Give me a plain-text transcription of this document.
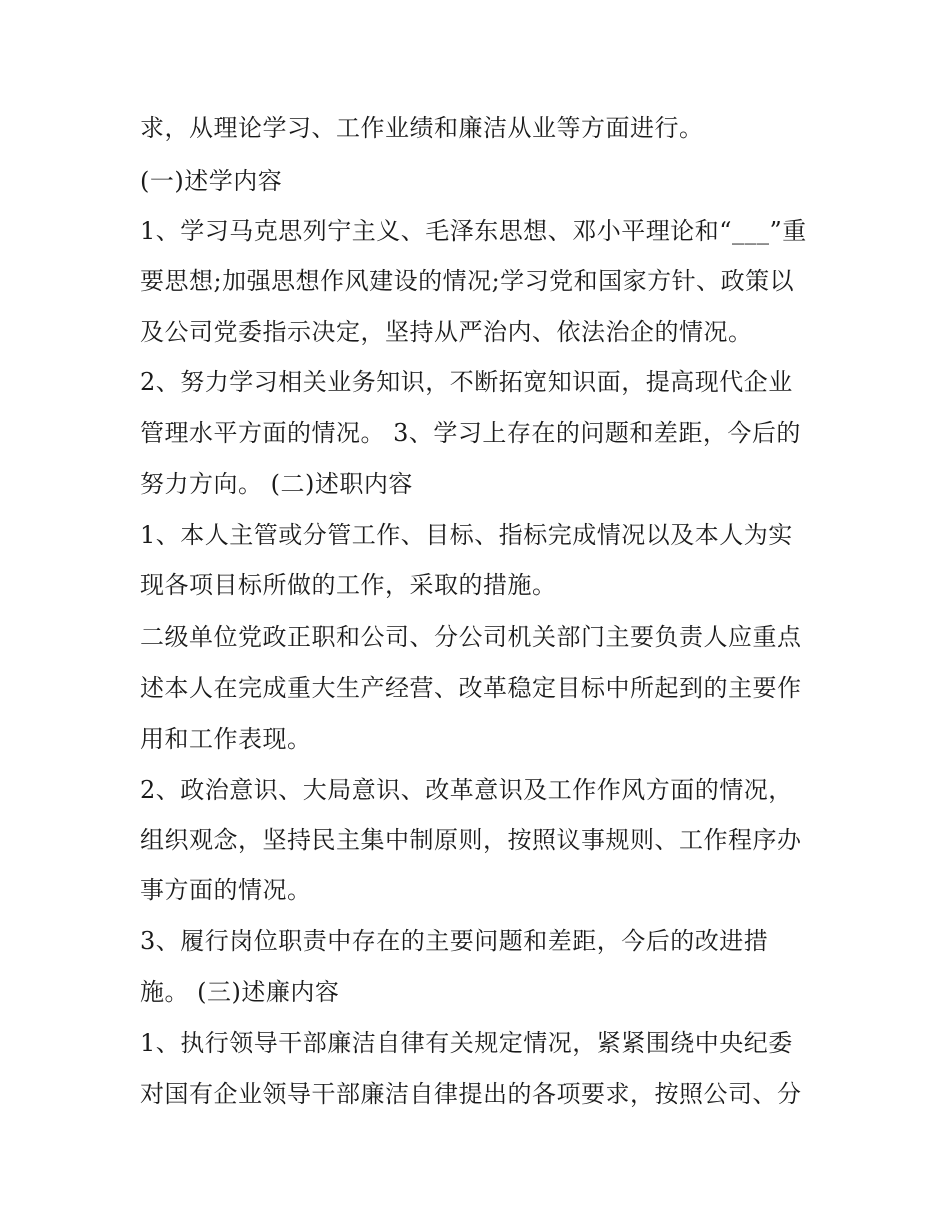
求，从理论学习、工作业绩和廉洁从业等方面进行。
(一)述学内容
1、学习马克思列宁主义、毛泽东思想、邓小平理论和“___”重
要思想;加强思想作风建设的情况;学习党和国家方针、政策以
及公司党委指示决定，坚持从严治内、依法治企的情况。
2、努力学习相关业务知识，不断拓宽知识面，提高现代企业
管理水平方面的情况。 3、学习上存在的问题和差距，今后的
努力方向。 (二)述职内容
1、本人主管或分管工作、目标、指标完成情况以及本人为实
现各项目标所做的工作，采取的措施。
二级单位党政正职和公司、分公司机关部门主要负责人应重点
述本人在完成重大生产经营、改革稳定目标中所起到的主要作
用和工作表现。
2、政治意识、大局意识、改革意识及工作作风方面的情况，
组织观念，坚持民主集中制原则，按照议事规则、工作程序办
事方面的情况。
3、履行岗位职责中存在的主要问题和差距，今后的改进措
施。 (三)述廉内容
1、执行领导干部廉洁自律有关规定情况，紧紧围绕中央纪委
对国有企业领导干部廉洁自律提出的各项要求，按照公司、分
